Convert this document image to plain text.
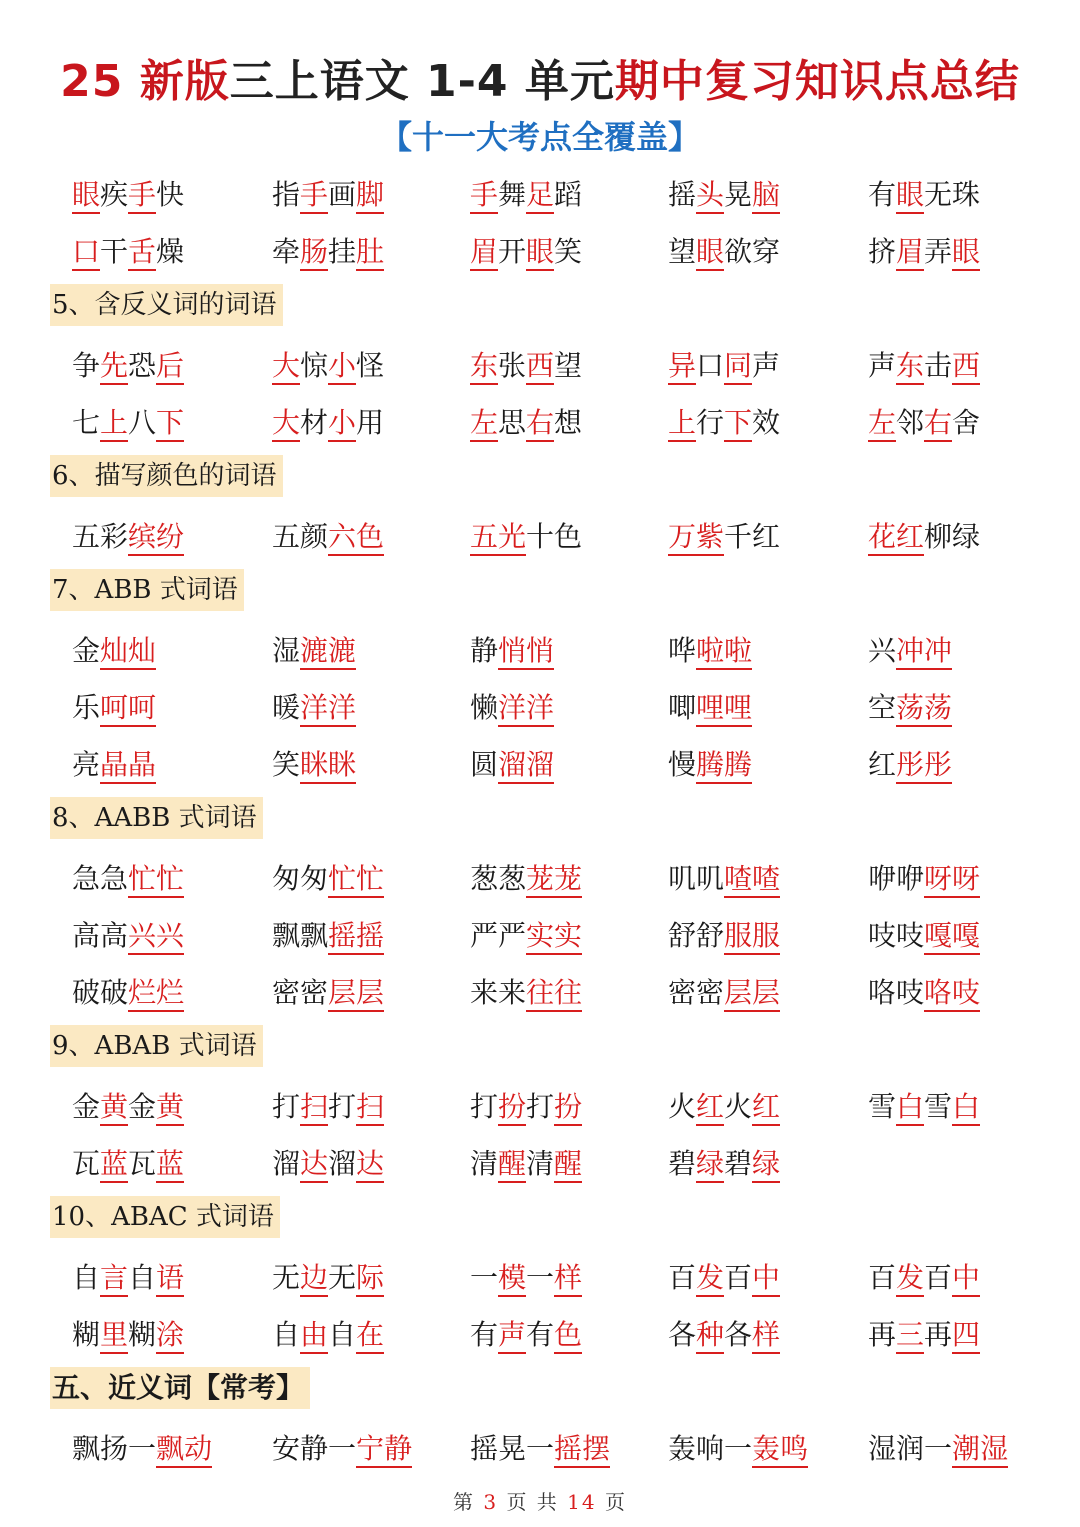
25 新版三上语文 1-4 单元期中复习知识点总结
【十一大考点全覆盖】
眼疾手快	指手画脚	手舞足蹈	摇头晃脑	有眼无珠
口干舌燥	牵肠挂肚	眉开眼笑	望眼欲穿	挤眉弄眼
5、含反义词的词语
争先恐后	大惊小怪	东张西望	异口同声	声东击西
七上八下	大材小用	左思右想	上行下效	左邻右舍
6、描写颜色的词语
五彩缤纷	五颜六色	五光十色	万紫千红	花红柳绿
7、ABB 式词语
金灿灿	湿漉漉	静悄悄	哗啦啦	兴冲冲
乐呵呵	暖洋洋	懒洋洋	唧哩哩	空荡荡
亮晶晶	笑眯眯	圆溜溜	慢腾腾	红彤彤
8、AABB 式词语
急急忙忙	匆匆忙忙	葱葱茏茏	叽叽喳喳	咿咿呀呀
高高兴兴	飘飘摇摇	严严实实	舒舒服服	吱吱嘎嘎
破破烂烂	密密层层	来来往往	密密层层	咯吱咯吱
9、ABAB 式词语
金黄金黄	打扫打扫	打扮打扮	火红火红	雪白雪白
瓦蓝瓦蓝	溜达溜达	清醒清醒	碧绿碧绿
10、ABAC 式词语
自言自语	无边无际	一模一样	百发百中	百发百中
糊里糊涂	自由自在	有声有色	各种各样	再三再四
五、近义词【常考】
飘扬一飘动 安静一宁静 摇晃一摇摆 轰响一轰鸣 湿润一潮湿
第 3 页 共 14 页
